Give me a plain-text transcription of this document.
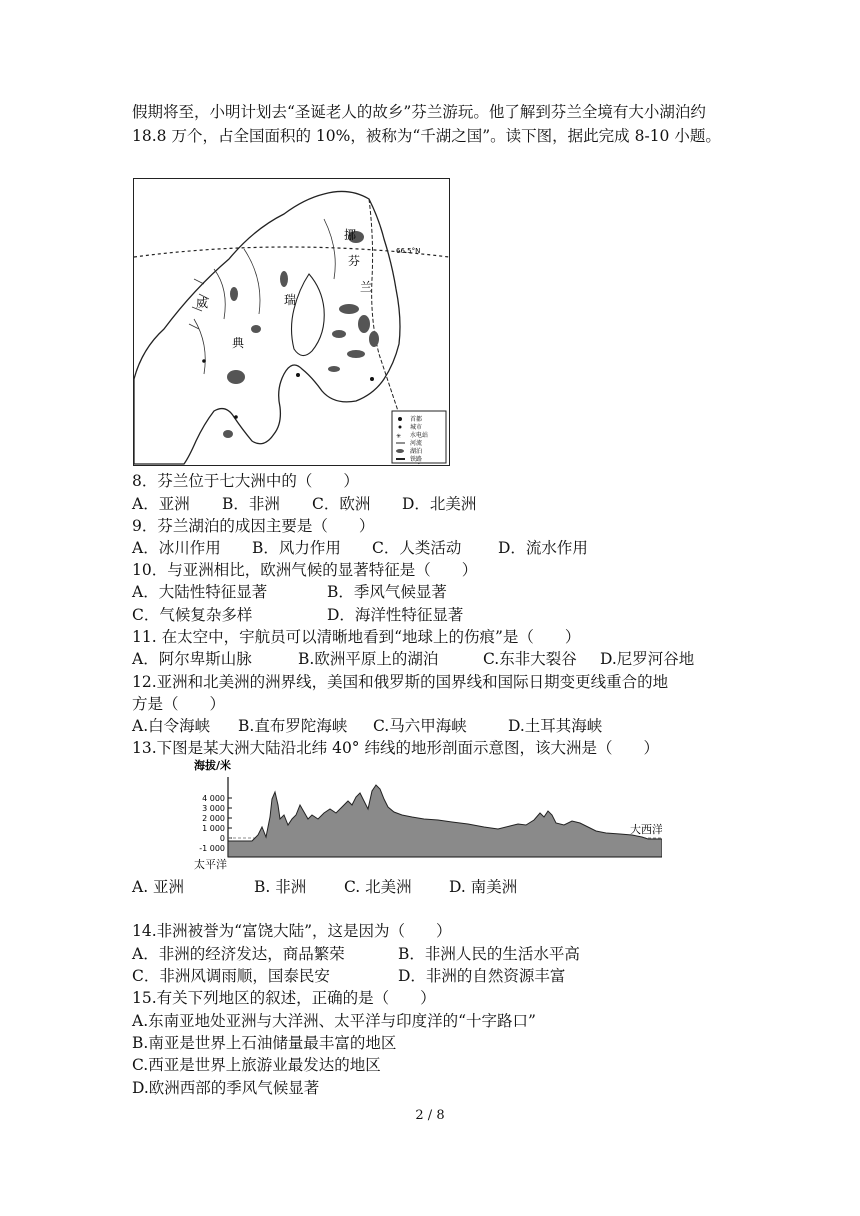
假期将至，小明计划去“圣诞老人的故乡”芬兰游玩。他了解到芬兰全境有大小湖泊约 18.8 万个，占全国面积的 10%，被称为“千湖之国”。读下图，据此完成 8-10 小题。
66.5°N
挪
芬
兰
瑞
典
威
✳
首都
城市
水电站
河流
湖泊
铁路
8．芬兰位于七大洲中的（　　）
A．亚洲 B．非洲 C．欧洲 D．北美洲
9．芬兰湖泊的成因主要是（　　）
A．冰川作用 B．风力作用 C．人类活动 D．流水作用
10．与亚洲相比，欧洲气候的显著特征是（　　）
A．大陆性特征显著	B．季风气候显著
C．气候复杂多样	D．海洋性特征显著
11. 在太空中，宇航员可以清晰地看到“地球上的伤痕”是（　　）
A．阿尔卑斯山脉	B.欧洲平原上的湖泊	C.东非大裂谷 D.尼罗河谷地
12.亚洲和北美洲的洲界线，美国和俄罗斯的国界线和国际日期变更线重合的地
方是（　　）
A.白令海峡 B.直布罗陀海峡 C.马六甲海峡	D.土耳其海峡
13.下图是某大洲大陆沿北纬 40° 纬线的地形剖面示意图，该大洲是（　　）
海拔/米
4 000
3 000
2 000
1 000
0
-1 000
太平洋
大西洋
A. 亚洲	B. 非洲 C. 北美洲 D. 南美洲
14.非洲被誉为“富饶大陆”，这是因为（　　）
A．非洲的经济发达，商品繁荣	B．非洲人民的生活水平高
C．非洲风调雨顺，国泰民安	D．非洲的自然资源丰富
15.有关下列地区的叙述，正确的是（　　）
A.东南亚地处亚洲与大洋洲、太平洋与印度洋的“十字路口”
B.南亚是世界上石油储量最丰富的地区
C.西亚是世界上旅游业最发达的地区
D.欧洲西部的季风气候显著
2 / 8
